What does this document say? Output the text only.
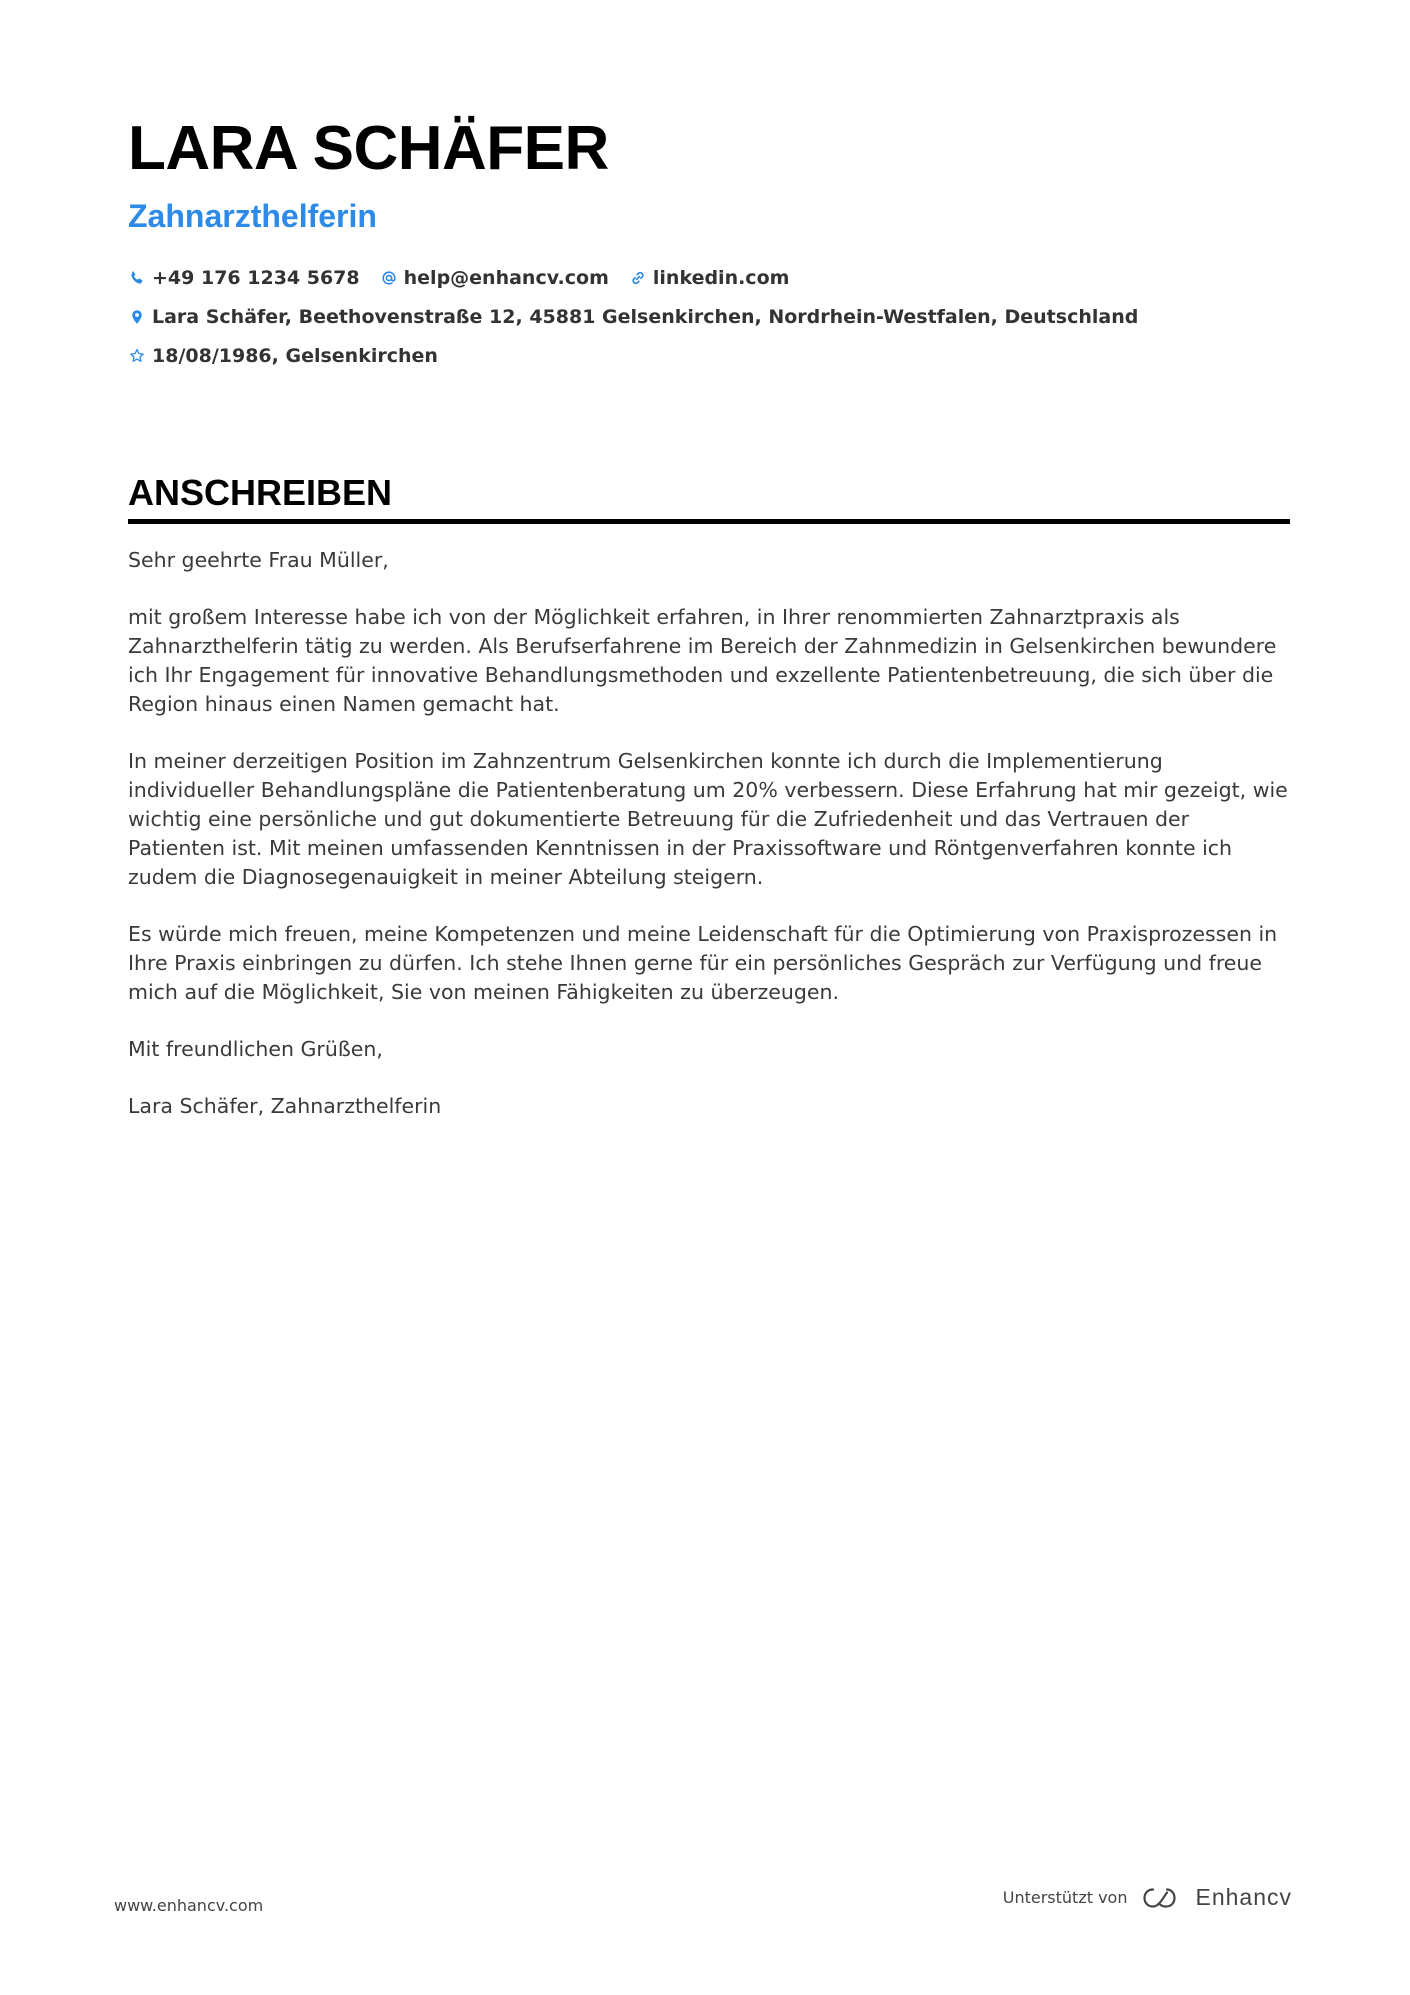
LARA SCHÄFER
Zahnarzthelferin
+49 176 1234 5678 help@enhancv.com linkedin.com
Lara Schäfer, Beethovenstraße 12, 45881 Gelsenkirchen, Nordrhein-Westfalen, Deutschland
18/08/1986, Gelsenkirchen
ANSCHREIBEN

Sehr geehrte Frau Müller,

mit großem Interesse habe ich von der Möglichkeit erfahren, in Ihrer renommierten Zahnarztpraxis als Zahnarzthelferin tätig zu werden. Als Berufserfahrene im Bereich der Zahnmedizin in Gelsenkirchen bewundere ich Ihr Engagement für innovative Behandlungsmethoden und exzellente Patientenbetreuung, die sich über die Region hinaus einen Namen gemacht hat.

In meiner derzeitigen Position im Zahnzentrum Gelsenkirchen konnte ich durch die Implementierung individueller Behandlungspläne die Patientenberatung um 20% verbessern. Diese Erfahrung hat mir gezeigt, wie wichtig eine persönliche und gut dokumentierte Betreuung für die Zufriedenheit und das Vertrauen der Patienten ist. Mit meinen umfassenden Kenntnissen in der Praxissoftware und Röntgenverfahren konnte ich zudem die Diagnosegenauigkeit in meiner Abteilung steigern.

Es würde mich freuen, meine Kompetenzen und meine Leidenschaft für die Optimierung von Praxisprozessen in Ihre Praxis einbringen zu dürfen. Ich stehe Ihnen gerne für ein persönliches Gespräch zur Verfügung und freue mich auf die Möglichkeit, Sie von meinen Fähigkeiten zu überzeugen.

Mit freundlichen Grüßen,

Lara Schäfer, Zahnarzthelferin

www.enhancv.com	Unterstützt von	Enhancv
